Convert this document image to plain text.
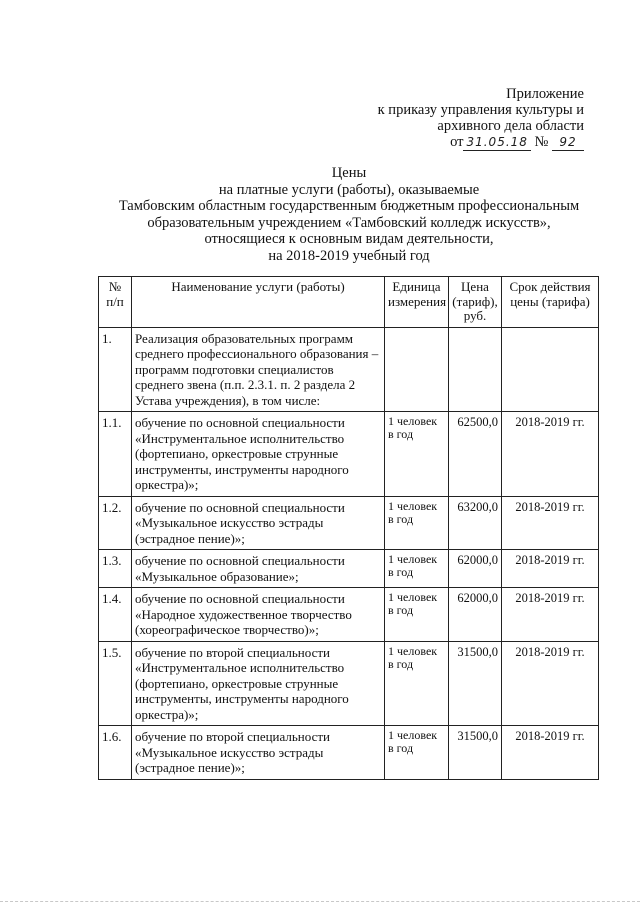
Приложение
к приказу управления культуры и
архивного дела области
от 31.05.18 № 92
Цены
на платные услуги (работы), оказываемые
Тамбовским областным государственным бюджетным профессиональным
образовательным учреждением «Тамбовский колледж искусств»,
относящиеся к основным видам деятельности,
на 2018-2019 учебный год
№ п/п	Наименование услуги (работы)	Единица измерения	Цена (тариф), руб.	Срок действия цены (тарифа)
1.	Реализация образовательных программ среднего профессионального образования – программ подготовки специалистов среднего звена (п.п. 2.3.1. п. 2 раздела 2 Устава учреждения), в том числе:			
1.1.	обучение по основной специальности «Инструментальное исполнительство (фортепиано, оркестровые струнные инструменты, инструменты народного оркестра)»;	1 человек в год	62500,0	2018-2019 гг.
1.2.	обучение по основной специальности «Музыкальное искусство эстрады (эстрадное пение)»;	1 человек в год	63200,0	2018-2019 гг.
1.3.	обучение по основной специальности «Музыкальное образование»;	1 человек в год	62000,0	2018-2019 гг.
1.4.	обучение по основной специальности «Народное художественное творчество (хореографическое творчество)»;	1 человек в год	62000,0	2018-2019 гг.
1.5.	обучение по второй специальности «Инструментальное исполнительство (фортепиано, оркестровые струнные инструменты, инструменты народного оркестра)»;	1 человек в год	31500,0	2018-2019 гг.
1.6.	обучение по второй специальности «Музыкальное искусство эстрады (эстрадное пение)»;	1 человек в год	31500,0	2018-2019 гг.
